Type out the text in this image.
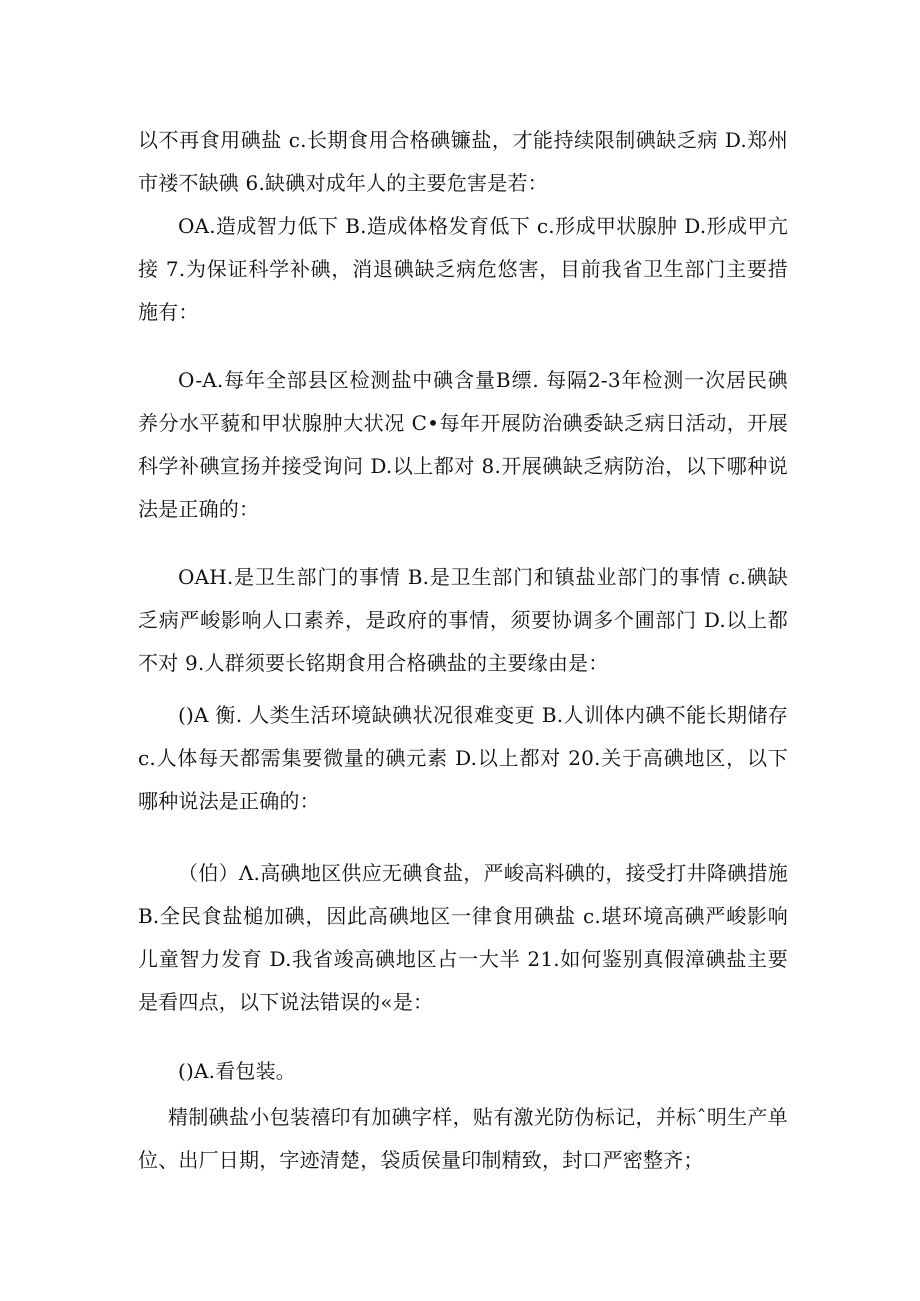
以不再食用碘盐 c.长期食用合格碘镰盐，才能持续限制碘缺乏病 D.郑州市褛不缺碘 6.缺碘对成年人的主要危害是若：

OA.造成智力低下 B.造成体格发育低下 c.形成甲状腺肿 D.形成甲亢接 7.为保证科学补碘，消退碘缺乏病危悠害，目前我省卫生部门主要措施有：

O-A.每年全部县区检测盐中碘含量B缥. 每隔2-3年检测一次居民碘养分水平藐和甲状腺肿大状况 C•每年开展防治碘委缺乏病日活动，开展科学补碘宣扬并接受询问 D.以上都对 8.开展碘缺乏病防治，以下哪种说法是正确的：

OAH.是卫生部门的事情 B.是卫生部门和镇盐业部门的事情 c.碘缺乏病严峻影响人口素养，是政府的事情，须要协调多个圃部门 D.以上都不对 9.人群须要长铭期食用合格碘盐的主要缘由是：

()A 衡. 人类生活环境缺碘状况很难变更 B.人训体内碘不能长期储存 c.人体每天都需集要微量的碘元素 D.以上都对 20.关于高碘地区，以下哪种说法是正确的：

（伯）Λ.高碘地区供应无碘食盐，严峻高料碘的，接受打井降碘措施 B.全民食盐槌加碘，因此高碘地区一律食用碘盐 c.堪环境高碘严峻影响儿童智力发育 D.我省竣高碘地区占一大半 21.如何鉴别真假漳碘盐主要是看四点，以下说法错误的«是：

()A.看包装。

精制碘盐小包装禧印有加碘字样，贴有激光防伪标记，并标ˆ明生产单位、出厂日期，字迹清楚，袋质侯量印制精致，封口严密整齐；
